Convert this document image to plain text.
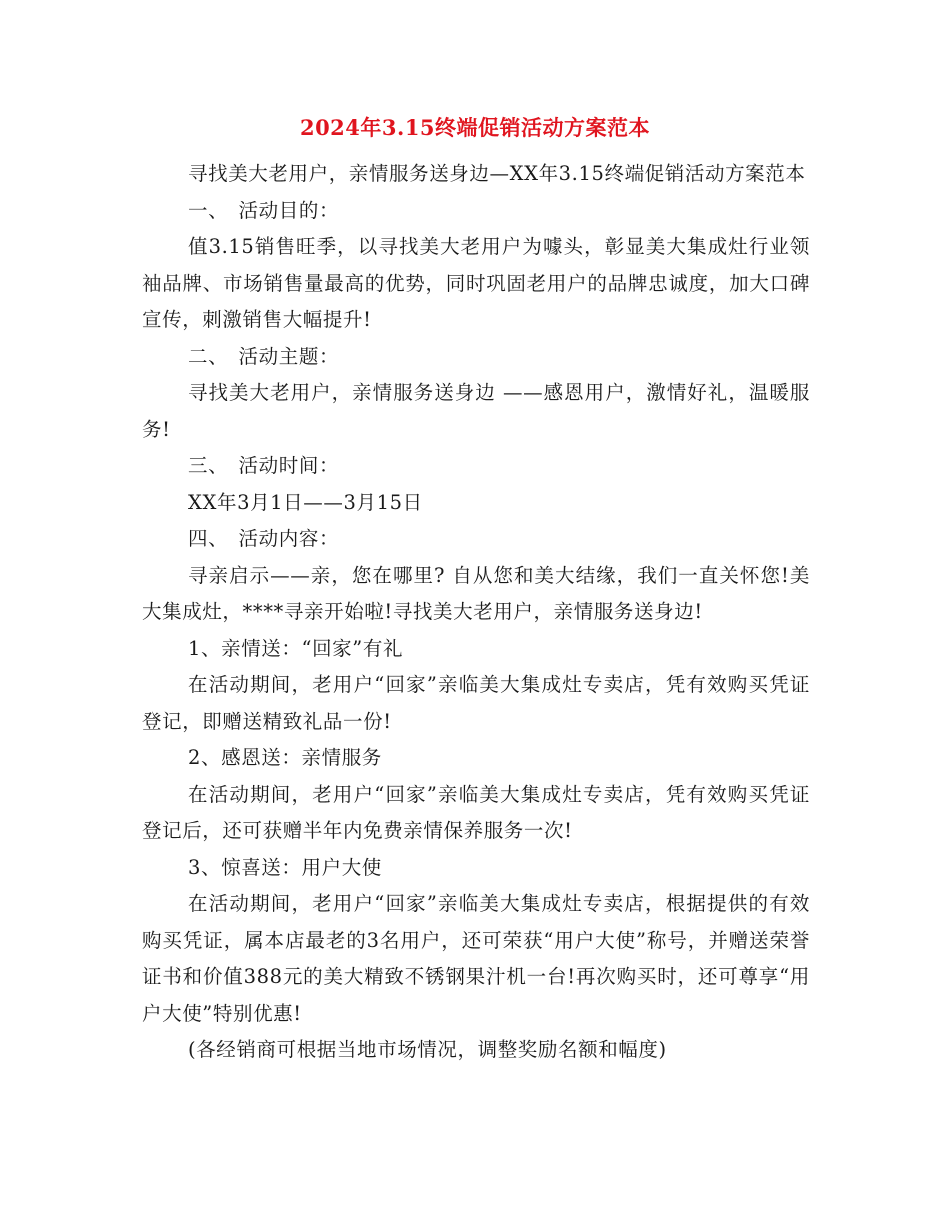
2024年3.15终端促销活动方案范本

寻找美大老用户，亲情服务送身边—XX年3.15终端促销活动方案范本

一、　活动目的：

值3.15销售旺季，以寻找美大老用户为噱头，彰显美大集成灶行业领袖品牌、市场销售量最高的优势，同时巩固老用户的品牌忠诚度，加大口碑宣传，刺激销售大幅提升!

二、　活动主题：

寻找美大老用户，亲情服务送身边 ——感恩用户，激情好礼，温暖服务!

三、　活动时间：

XX年3月1日——3月15日

四、　活动内容：

寻亲启示——亲，您在哪里? 自从您和美大结缘，我们一直关怀您!美大集成灶，****寻亲开始啦!寻找美大老用户，亲情服务送身边!

1、亲情送：“回家”有礼

在活动期间，老用户“回家”亲临美大集成灶专卖店，凭有效购买凭证登记，即赠送精致礼品一份!

2、感恩送：亲情服务

在活动期间，老用户“回家”亲临美大集成灶专卖店，凭有效购买凭证登记后，还可获赠半年内免费亲情保养服务一次!

3、惊喜送：用户大使

在活动期间，老用户“回家”亲临美大集成灶专卖店，根据提供的有效购买凭证，属本店最老的3名用户，还可荣获“用户大使”称号，并赠送荣誉证书和价值388元的美大精致不锈钢果汁机一台!再次购买时，还可尊享“用户大使”特别优惠!

(各经销商可根据当地市场情况，调整奖励名额和幅度)
